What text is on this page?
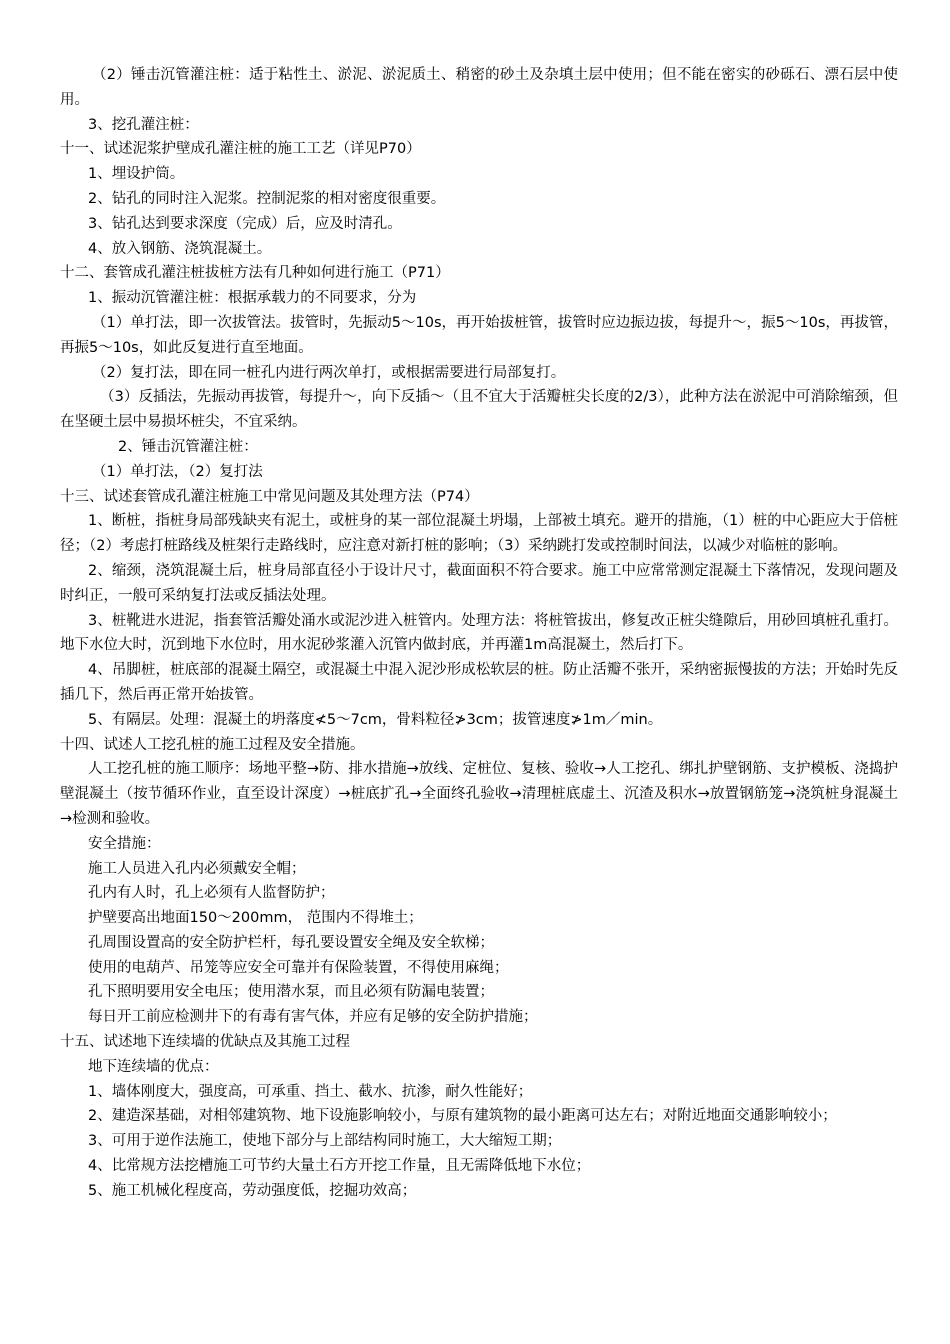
（2）锤击沉管灌注桩：适于粘性土、淤泥、淤泥质土、稍密的砂土及杂填土层中使用；但不能在密实的砂砾石、漂石层中使用。

3、挖孔灌注桩：

十一、试述泥浆护壁成孔灌注桩的施工工艺（详见P70）

1、埋设护筒。

2、钻孔的同时注入泥浆。控制泥浆的相对密度很重要。

3、钻孔达到要求深度（完成）后，应及时清孔。

4、放入钢筋、浇筑混凝土。

十二、套管成孔灌注桩拔桩方法有几种如何进行施工（P71）

1、振动沉管灌注桩：根据承载力的不同要求，分为

（1）单打法，即一次拔管法。拔管时，先振动5～10s，再开始拔桩管，拔管时应边振边拔，每提升～，振5～10s，再拔管，再振5～10s，如此反复进行直至地面。

（2）复打法，即在同一桩孔内进行两次单打，或根据需要进行局部复打。

（3）反插法，先振动再拔管，每提升～，向下反插～（且不宜大于活瓣桩尖长度的2/3），此种方法在淤泥中可消除缩颈，但在坚硬土层中易损坏桩尖，不宜采纳。

2、锤击沉管灌注桩：

（1）单打法，（2）复打法

十三、试述套管成孔灌注桩施工中常见问题及其处理方法（P74）

1、断桩，指桩身局部残缺夹有泥土，或桩身的某一部位混凝土坍塌，上部被土填充。避开的措施，（1）桩的中心距应大于倍桩径；（2）考虑打桩路线及桩架行走路线时，应注意对新打桩的影响；（3）采纳跳打发或控制时间法，以减少对临桩的影响。

2、缩颈，浇筑混凝土后，桩身局部直径小于设计尺寸，截面面积不符合要求。施工中应常常测定混凝土下落情况，发现问题及时纠正，一般可采纳复打法或反插法处理。

3、桩靴进水进泥，指套管活瓣处涌水或泥沙进入桩管内。处理方法：将桩管拔出，修复改正桩尖缝隙后，用砂回填桩孔重打。地下水位大时，沉到地下水位时，用水泥砂浆灌入沉管内做封底，并再灌1m高混凝土，然后打下。

4、吊脚桩，桩底部的混凝土隔空，或混凝土中混入泥沙形成松软层的桩。防止活瓣不张开，采纳密振慢拔的方法；开始时先反插几下，然后再正常开始拔管。

5、有隔层。处理：混凝土的坍落度≮5～7cm，骨料粒径≯3cm；拔管速度≯1m／min。

十四、试述人工挖孔桩的施工过程及安全措施。

人工挖孔桩的施工顺序：场地平整→防、排水措施→放线、定桩位、复核、验收→人工挖孔、绑扎护壁钢筋、支护模板、浇捣护壁混凝土（按节循环作业，直至设计深度）→桩底扩孔→全面终孔验收→清理桩底虚土、沉渣及积水→放置钢筋笼→浇筑桩身混凝土→检测和验收。

安全措施：

施工人员进入孔内必须戴安全帽；

孔内有人时，孔上必须有人监督防护；

护壁要高出地面150～200mm， 范围内不得堆土；

孔周围设置高的安全防护栏杆，每孔要设置安全绳及安全软梯；

使用的电葫芦、吊笼等应安全可靠并有保险装置，不得使用麻绳；

孔下照明要用安全电压；使用潜水泵，而且必须有防漏电装置；

每日开工前应检测井下的有毒有害气体，并应有足够的安全防护措施；

十五、试述地下连续墙的优缺点及其施工过程

地下连续墙的优点：

1、墙体刚度大，强度高，可承重、挡土、截水、抗渗，耐久性能好；

2、建造深基础，对相邻建筑物、地下设施影响较小，与原有建筑物的最小距离可达左右；对附近地面交通影响较小；

3、可用于逆作法施工，使地下部分与上部结构同时施工，大大缩短工期；

4、比常规方法挖槽施工可节约大量土石方开挖工作量，且无需降低地下水位；

5、施工机械化程度高，劳动强度低，挖掘功效高；
